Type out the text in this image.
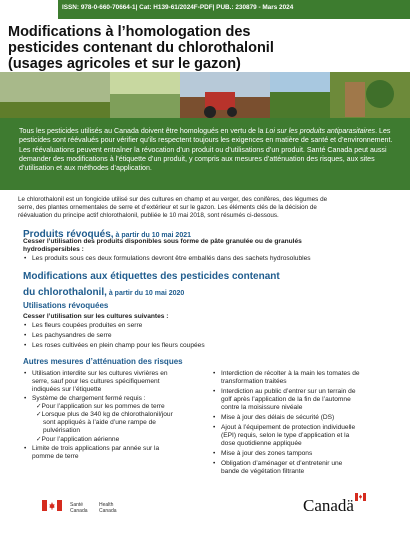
ISSN: 978-0-660-70664-1| Cat: H139-61/2024F-PDF| PUB.: 230879 - Mars 2024
Modifications à l’homologation des
pesticides contenant du chlorothalonil
(usages agricoles et sur le gazon)
Tous les pesticides utilisés au Canada doivent être homologués en vertu de la Loi sur les produits antiparasitaires. Les pesticides sont réévalués pour vérifier qu’ils respectent toujours les exigences en matière de santé et d’environnement. Les réévaluations peuvent entraîner la révocation d’un produit ou d’utilisations d’un produit. Santé Canada peut aussi demander des modifications à l’étiquette d’un produit, y compris aux mesures d’atténuation des risques, aux sites d’utilisation et aux méthodes d’application.
Le chlorothalonil est un fongicide utilisé sur des cultures en champ et au verger, des conifères, des légumes de
serre, des plantes ornementales de serre et d’extérieur et sur le gazon. Les éléments clés de la décision de
réévaluation du principe actif chlorothalonil, publiée le 10 mai 2018, sont résumés ci-dessous.
Produits révoqués, à partir du 10 mai 2021
Cesser l’utilisation des produits disponibles sous forme de pâte granulée ou de granulés
hydrodispersibles :
• Les produits sous ces deux formulations devront être emballés dans des sachets hydrosolubles
Modifications aux étiquettes des pesticides contenant
du chlorothalonil, à partir du 10 mai 2020
Utilisations révoquées
Cesser l’utilisation sur les cultures suivantes :
• Les fleurs coupées produites en serre
• Les pachysandres de serre
• Les roses cultivées en plein champ pour les fleurs coupées
Autres mesures d’atténuation des risques
• Utilisation interdite sur les cultures vivrières en
serre, sauf pour les cultures spécifiquement
indiquées sur l’étiquette
• Système de chargement fermé requis :
✓Pour l’application sur les pommes de terre
✓Lorsque plus de 340 kg de chlorothalonil/jour
sont appliqués à l’aide d’une rampe de
pulvérisation
✓Pour l’application aérienne
• Limite de trois applications par année sur la
pomme de terre
• Interdiction de récolter à la main les tomates de
transformation traitées
• Interdiction au public d’entrer sur un terrain de
golf après l’application de la fin de l’automne
contre la moisissure nivéale
• Mise à jour des délais de sécurité (DS)
• Ajout à l’équipement de protection individuelle
(EPI) requis, selon le type d’application et la
dose quotidienne appliquée
• Mise à jour des zones tampons
• Obligation d’aménager et d’entretenir une
bande de végétation filtrante
Santé
Canada
Health
Canada	Canadä
